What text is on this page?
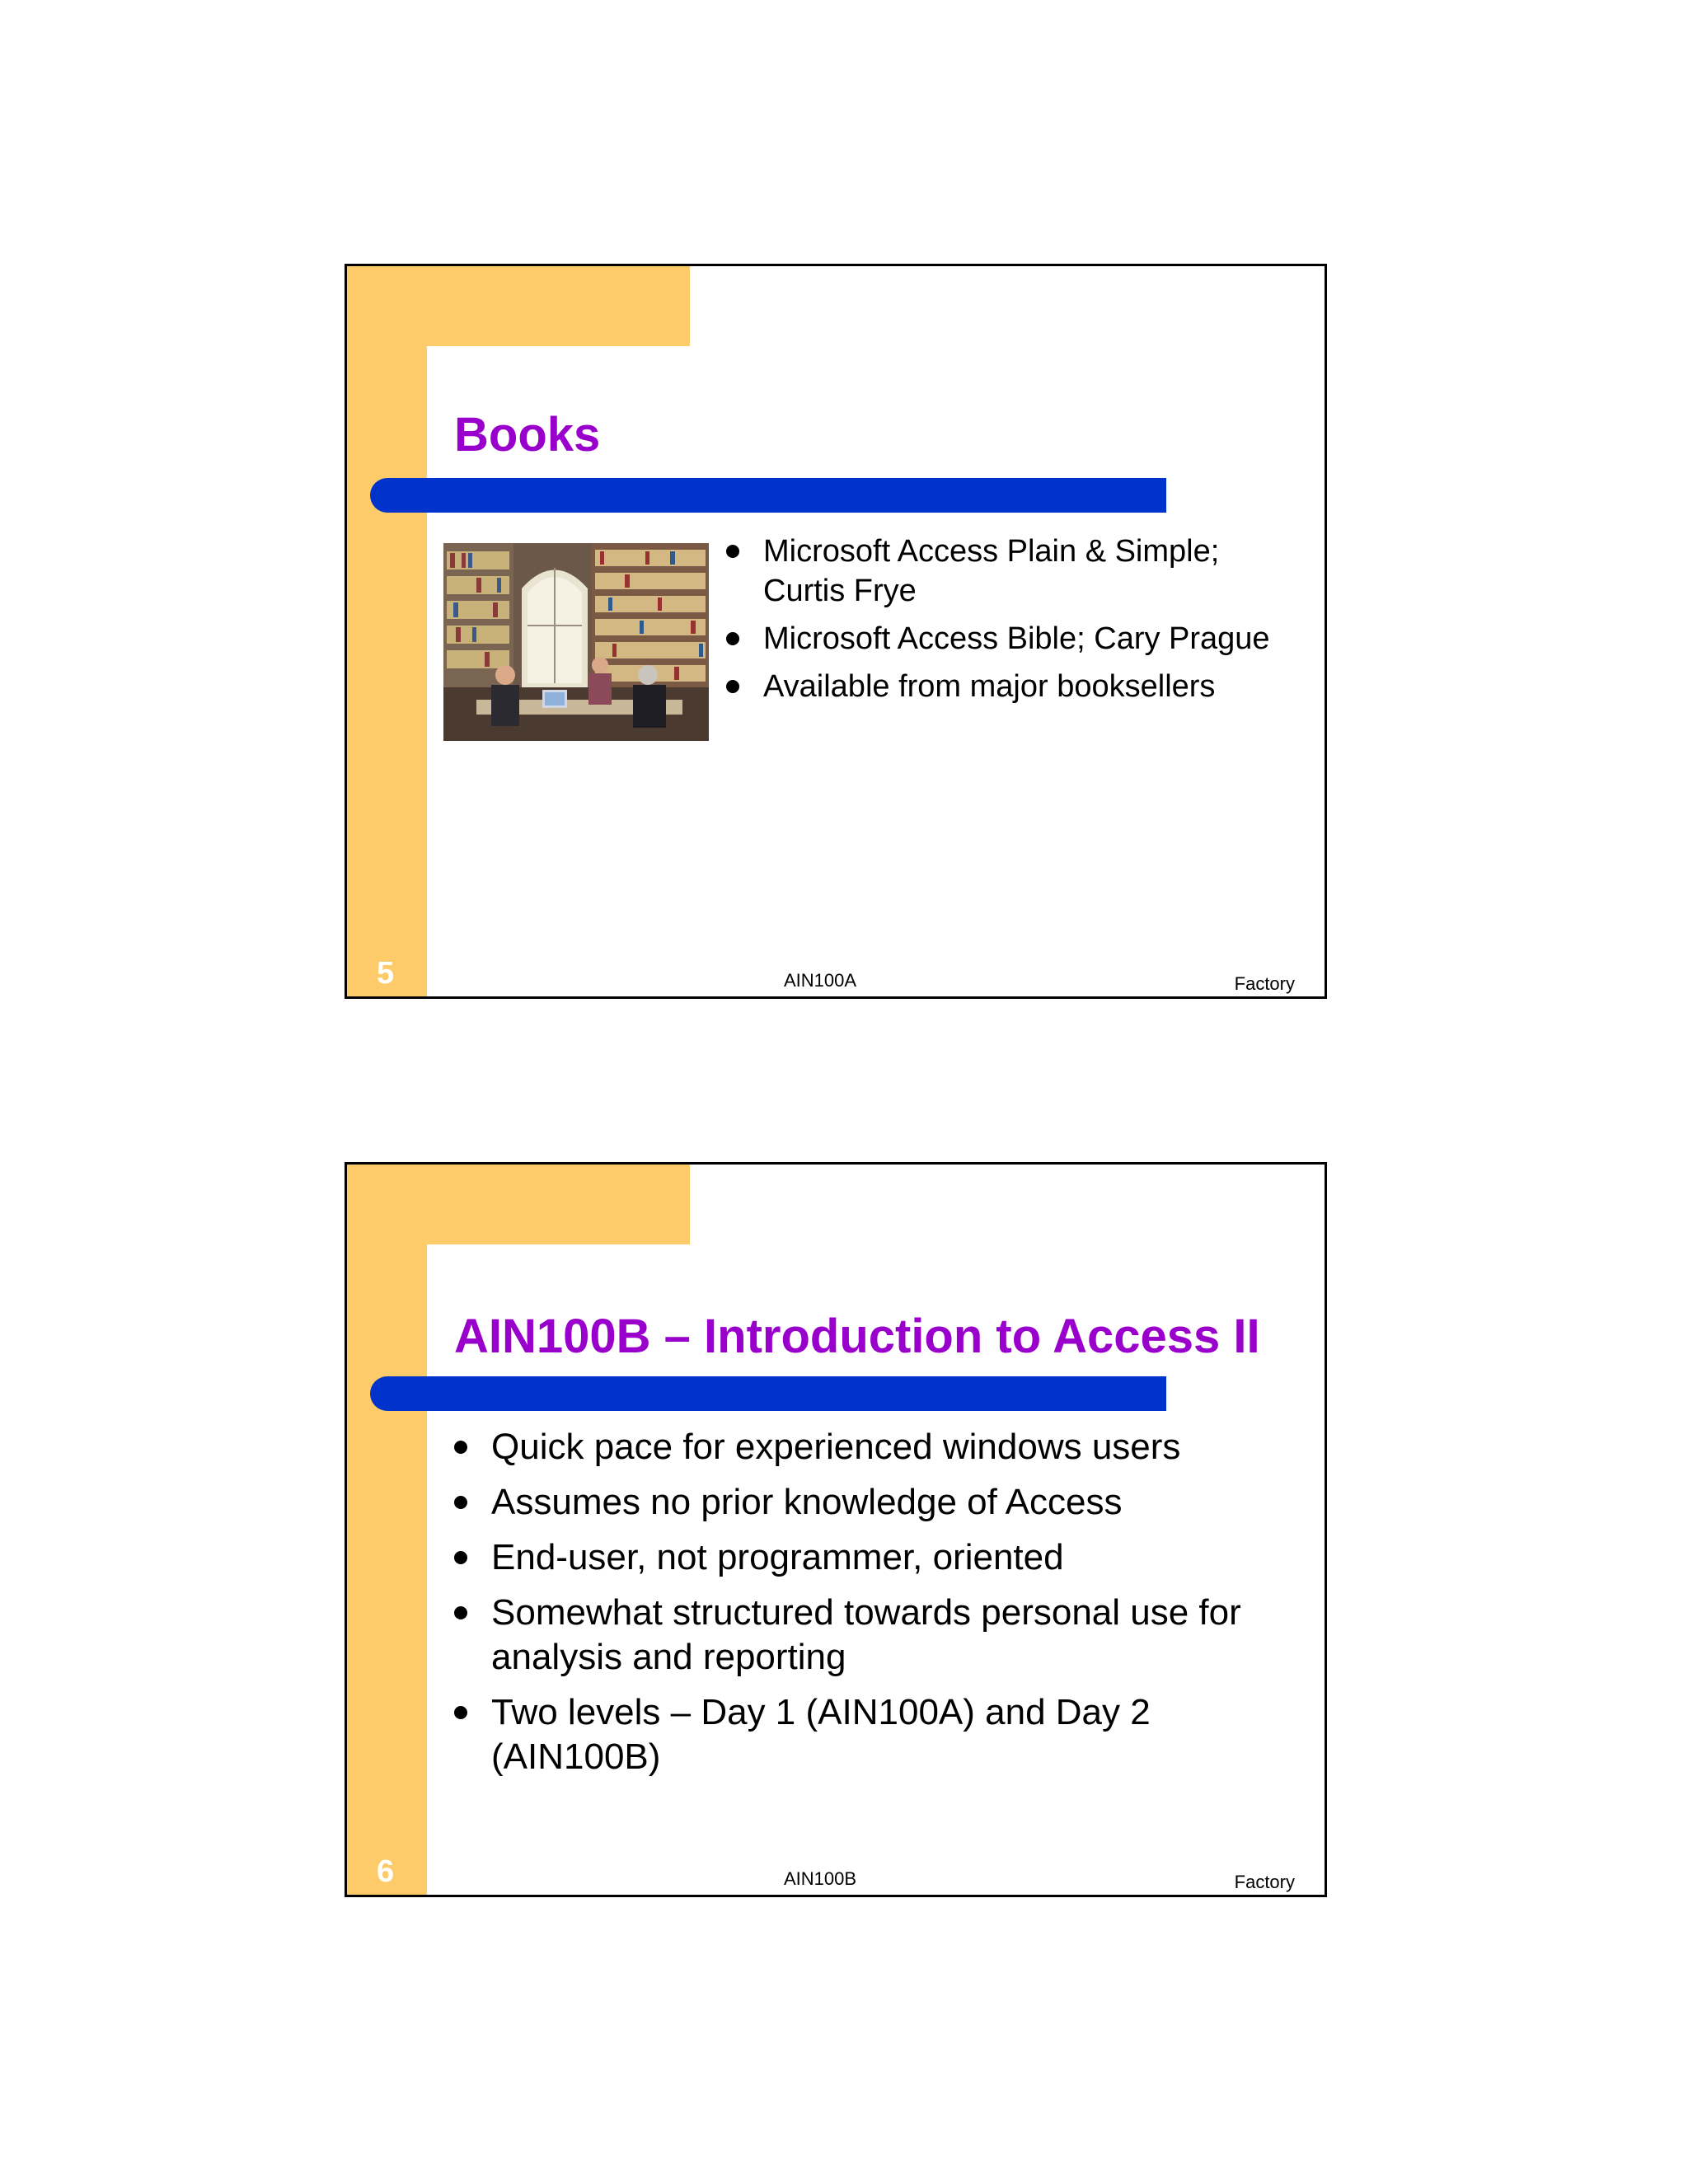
Books
Microsoft Access Plain & Simple; Curtis Frye
Microsoft Access Bible; Cary Prague
Available from major booksellers
5	AIN100A	Factory
AIN100B – Introduction to Access II
Quick pace for experienced windows users
Assumes no prior knowledge of Access
End-user, not programmer, oriented
Somewhat structured towards personal use for analysis and reporting
Two levels – Day 1 (AIN100A) and Day 2 (AIN100B)
6	AIN100B	Factory
